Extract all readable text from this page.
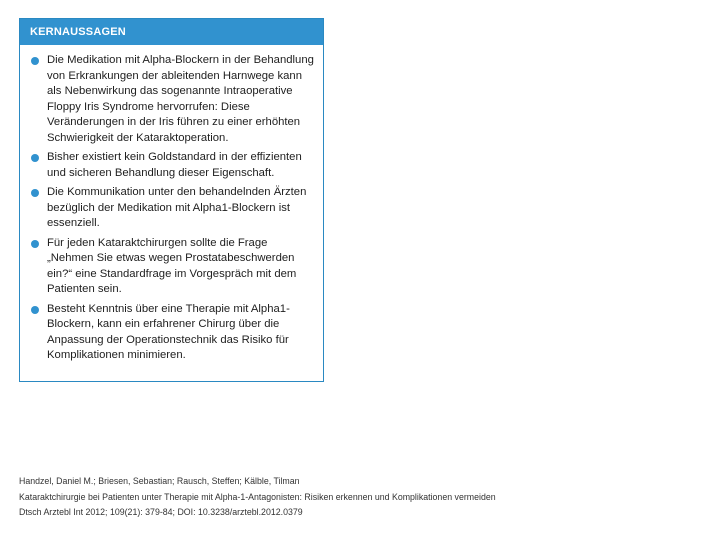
KERNAUSSAGEN
Die Medikation mit Alpha-Blockern in der Behandlung von Erkrankungen der ableitenden Harnwege kann als Nebenwirkung das sogenannte Intraoperative Floppy Iris Syndrome hervorrufen: Diese Veränderungen in der Iris führen zu einer erhöhten Schwierigkeit der Kataraktoperation.
Bisher existiert kein Goldstandard in der effizienten und sicheren Behandlung dieser Eigenschaft.
Die Kommunikation unter den behandelnden Ärzten bezüglich der Medikation mit Alpha1-Blockern ist essenziell.
Für jeden Kataraktchirurgen sollte die Frage „Nehmen Sie etwas wegen Prostatabeschwerden ein?“ eine Standardfrage im Vorgespräch mit dem Patienten sein.
Besteht Kenntnis über eine Therapie mit Alpha1-Blockern, kann ein erfahrener Chirurg über die Anpassung der Operationstechnik das Risiko für Komplikationen minimieren.
Handzel, Daniel M.; Briesen, Sebastian; Rausch, Steffen; Kälble, Tilman
Kataraktchirurgie bei Patienten unter Therapie mit Alpha-1-Antagonisten: Risiken erkennen und Komplikationen vermeiden
Dtsch Arztebl Int 2012; 109(21): 379-84; DOI: 10.3238/arztebl.2012.0379
